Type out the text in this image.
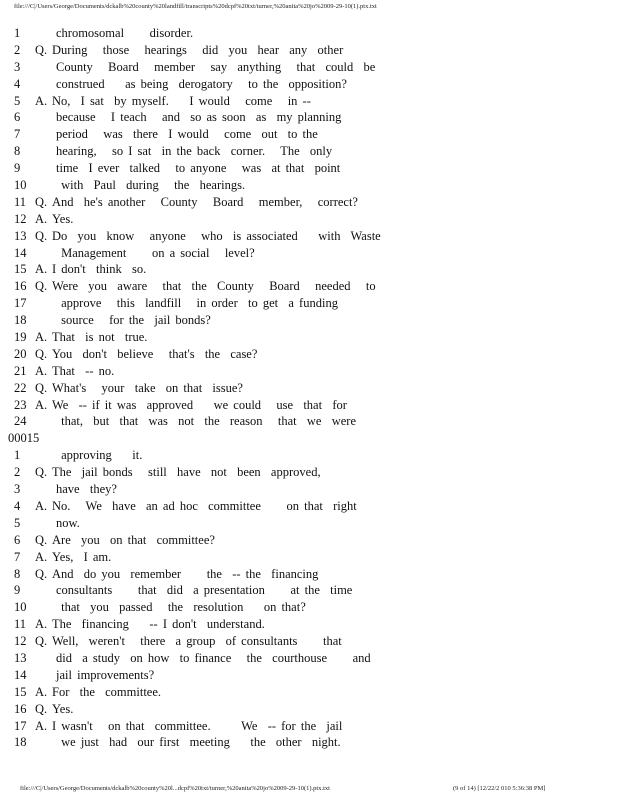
file:///C|/Users/George/Documents/dckalb%20county%20landfill/transcripts%20dcpf%20txt/turner,%20anita%20jo%2009-29-10(1).ptx.txt
1	chromosomal     disorder.
2	Q. During   those   hearings   did  you  hear  any  other
3	County   Board   member   say  anything   that  could  be
4	construed    as being  derogatory   to the  opposition?
5	A. No,  I sat  by myself.    I would   come   in --
6	because   I teach   and  so as soon  as  my planning
7	period   was  there  I would   come  out  to the
8	hearing,   so I sat  in the back  corner.   The  only
9	time  I ever  talked   to anyone   was  at that  point
10	with  Paul  during   the  hearings.
11 Q. And  he's another   County   Board   member,   correct?
12 A. Yes.
13 Q. Do  you  know   anyone   who  is associated    with  Waste
14	Management     on a social   level?
15 A. I don't  think  so.
16 Q. Were  you  aware   that  the  County   Board   needed   to
17	approve   this  landfill   in order  to get  a funding
18	source   for the  jail bonds?
19 A. That  is not  true.
20 Q. You  don't  believe   that's  the  case?
21 A. That  -- no.
22 Q. What's   your  take  on that  issue?
23 A. We  -- if it was  approved    we could   use  that  for
24	that,  but  that  was  not  the  reason   that  we  were
00015
1	approving    it.
2	Q. The  jail bonds   still  have  not  been  approved,
3	have  they?
4	A. No.   We  have  an ad hoc  committee     on that  right
5	now.
6	Q. Are  you  on that  committee?
7	A. Yes,  I am.
8	Q. And  do you  remember     the  -- the  financing
9	consultants     that  did  a presentation     at the  time
10	that  you  passed   the  resolution    on that?
11 A. The  financing    -- I don't  understand.
12 Q. Well,  weren't   there  a group  of consultants     that
13	did  a study  on how  to finance   the  courthouse     and
14	jail improvements?
15 A. For  the  committee.
16 Q. Yes.
17 A. I wasn't   on that  committee.      We  -- for the  jail
18	we just  had  our first  meeting    the  other  night.
file:///C|/Users/George/Documents/dckalb%20county%20l...dcpf%20txt/turner,%20anita%20jo%2009-29-10(1).ptx.txt	(9 of 14) [12/22/2 010 5:36:38 PM]
